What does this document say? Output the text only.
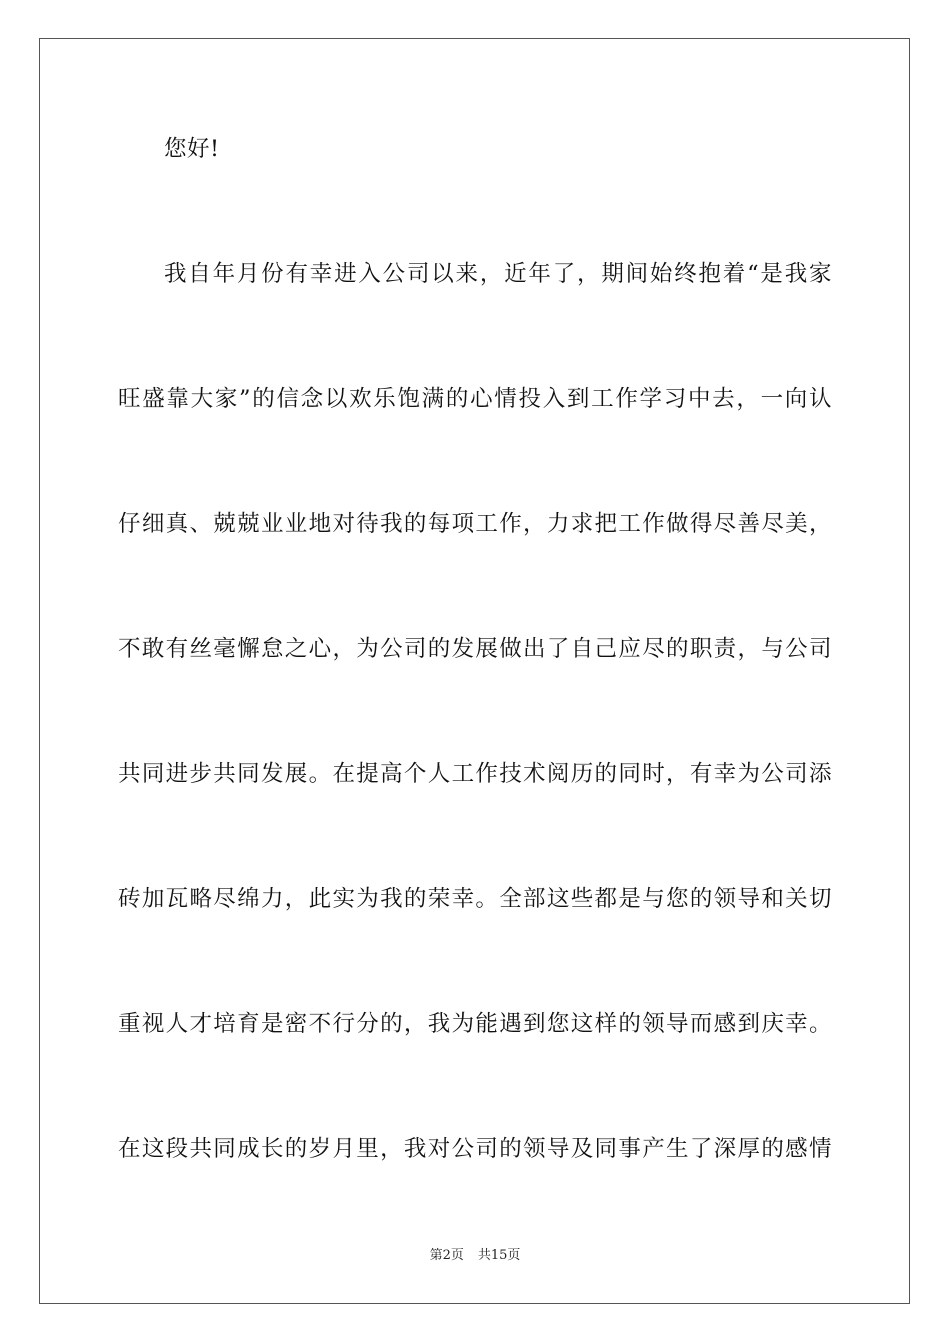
您好!
我自年月份有幸进入公司以来，近年了，期间始终抱着“是我家
旺盛靠大家”的信念以欢乐饱满的心情投入到工作学习中去，一向认
仔细真、兢兢业业地对待我的每项工作，力求把工作做得尽善尽美，
不敢有丝毫懈怠之心，为公司的发展做出了自己应尽的职责，与公司
共同进步共同发展。在提高个人工作技术阅历的同时，有幸为公司添
砖加瓦略尽绵力，此实为我的荣幸。全部这些都是与您的领导和关切
重视人才培育是密不行分的，我为能遇到您这样的领导而感到庆幸。
在这段共同成长的岁月里，我对公司的领导及同事产生了深厚的感情
第2页 共15页
